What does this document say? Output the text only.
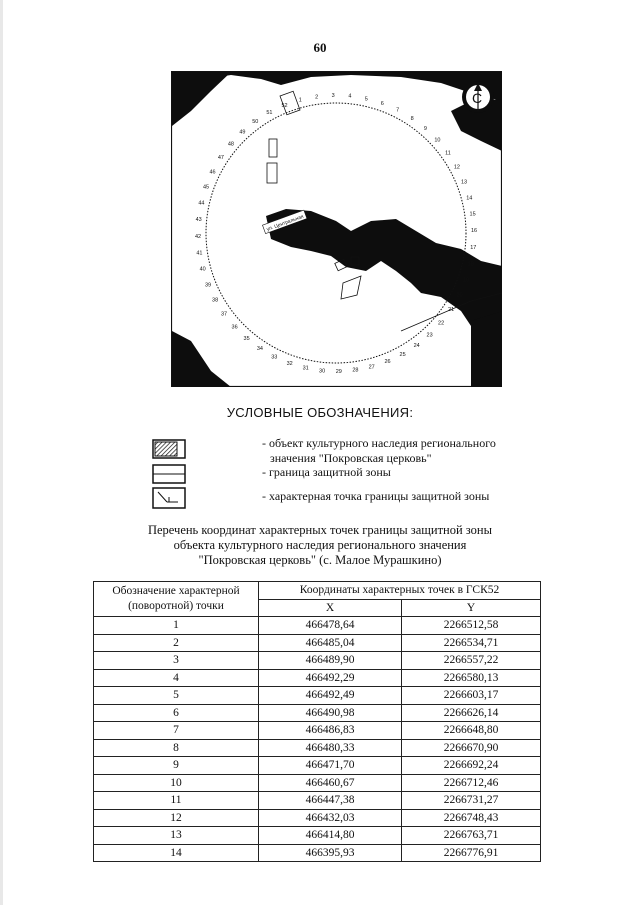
60
ул. Центральная
1
2 3 4 5
6
7
8
9
10
11
12
13
14
15
16
17
18
19
20
21
22
23
24
25
26
27
28
29
30
31
32
33
34
35
36
37
38
39
40
41
42
43
44
45
46
47
48
49
50
51
52	С
УСЛОВНЫЕ ОБОЗНАЧЕНИЯ:
- объект культурного наследия регионального
значения "Покровская церковь"
- граница защитной зоны
- характерная точка границы защитной зоны
Перечень координат характерных точек границы защитной зоны
объекта культурного наследия регионального значения
"Покровская церковь" (с. Малое Мурашкино)
Обозначение характерной
(поворотной) точки	Координаты характерных точек в ГСК52	
	X	Y
1	466478,64	2266512,58
2	466485,04	2266534,71
3	466489,90	2266557,22
4	466492,29	2266580,13
5	466492,49	2266603,17
6	466490,98	2266626,14
7	466486,83	2266648,80
8	466480,33	2266670,90
9	466471,70	2266692,24
10	466460,67	2266712,46
11	466447,38	2266731,27
12	466432,03	2266748,43
13	466414,80	2266763,71
14	466395,93	2266776,91
